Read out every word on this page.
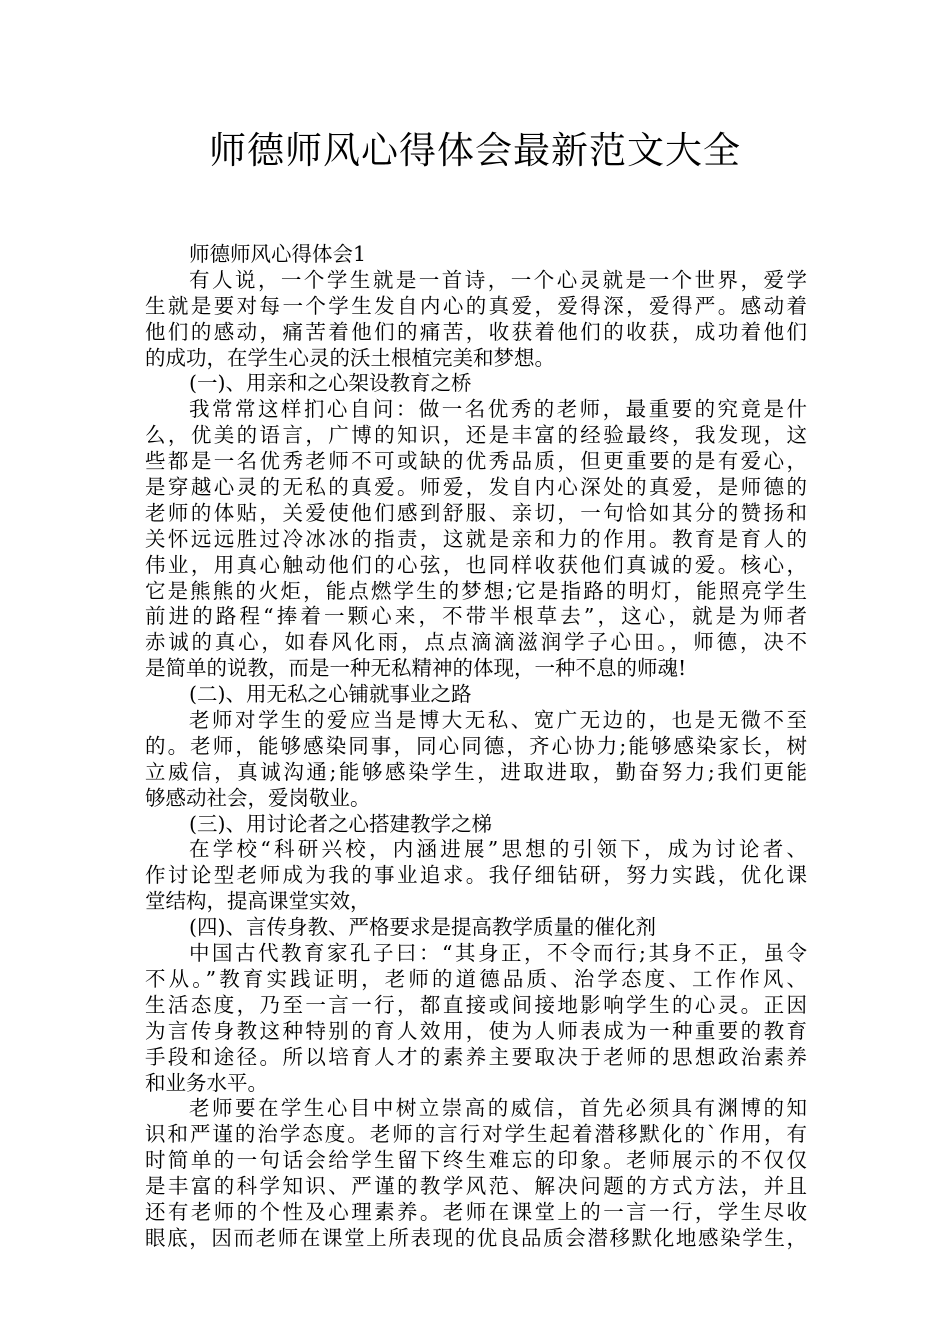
师德师风心得体会最新范文大全
师德师风心得体会1
有人说，一个学生就是一首诗，一个心灵就是一个世界，爱学
生就是要对每一个学生发自内心的真爱，爱得深，爱得严。感动着
他们的感动，痛苦着他们的痛苦，收获着他们的收获，成功着他们
的成功，在学生心灵的沃土根植完美和梦想。
(一)、用亲和之心架设教育之桥
我常常这样扪心自问：做一名优秀的老师，最重要的究竟是什
么，优美的语言，广博的知识，还是丰富的经验最终，我发现，这
些都是一名优秀老师不可或缺的优秀品质，但更重要的是有爱心，
是穿越心灵的无私的真爱。师爱，发自内心深处的真爱，是师德的
老师的体贴，关爱使他们感到舒服、亲切，一句恰如其分的赞扬和
关怀远远胜过冷冰冰的指责，这就是亲和力的作用。教育是育人的
伟业，用真心触动他们的心弦，也同样收获他们真诚的爱。核心，
它是熊熊的火炬，能点燃学生的梦想;它是指路的明灯，能照亮学生
前进的路程“捧着一颗心来，不带半根草去”，这心，就是为师者
赤诚的真心，如春风化雨，点点滴滴滋润学子心田。，师德，决不
是简单的说教，而是一种无私精神的体现，一种不息的师魂!
(二)、用无私之心铺就事业之路
老师对学生的爱应当是博大无私、宽广无边的，也是无微不至
的。老师，能够感染同事，同心同德，齐心协力;能够感染家长，树
立威信，真诚沟通;能够感染学生，进取进取，勤奋努力;我们更能
够感动社会，爱岗敬业。
(三)、用讨论者之心搭建教学之梯
在学校“科研兴校，内涵进展”思想的引领下，成为讨论者、
作讨论型老师成为我的事业追求。我仔细钻研，努力实践，优化课
堂结构，提高课堂实效，
(四)、言传身教、严格要求是提高教学质量的催化剂
中国古代教育家孔子曰：“其身正，不令而行;其身不正，虽令
不从。”教育实践证明，老师的道德品质、治学态度、工作作风、
生活态度，乃至一言一行，都直接或间接地影响学生的心灵。正因
为言传身教这种特别的育人效用，使为人师表成为一种重要的教育
手段和途径。所以培育人才的素养主要取决于老师的思想政治素养
和业务水平。
老师要在学生心目中树立崇高的威信，首先必须具有渊博的知
识和严谨的治学态度。老师的言行对学生起着潜移默化的`作用，有
时简单的一句话会给学生留下终生难忘的印象。老师展示的不仅仅
是丰富的科学知识、严谨的教学风范、解决问题的方式方法，并且
还有老师的个性及心理素养。老师在课堂上的一言一行，学生尽收
眼底，因而老师在课堂上所表现的优良品质会潜移默化地感染学生，
